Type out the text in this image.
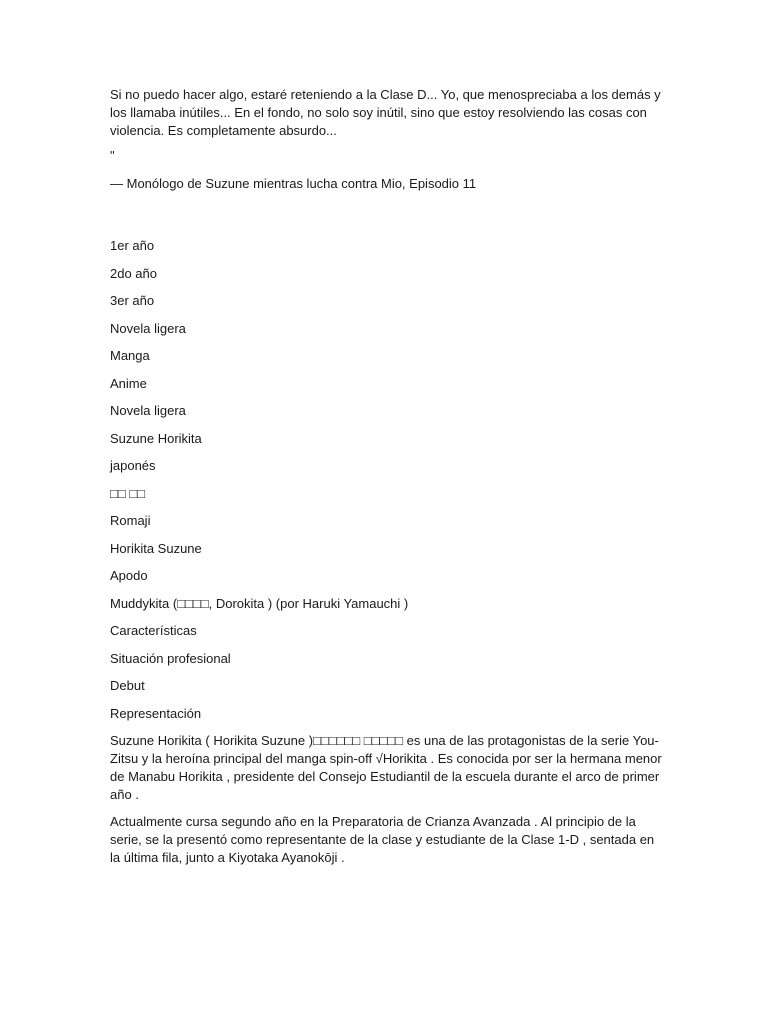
Si no puedo hacer algo, estaré reteniendo a la Clase D... Yo, que menospreciaba a los demás y los llamaba inútiles... En el fondo, no solo soy inútil, sino que estoy resolviendo las cosas con violencia. Es completamente absurdo...

"

— Monólogo de Suzune mientras lucha contra Mio, Episodio 11

1er año

2do año

3er año

Novela ligera

Manga

Anime

Novela ligera

Suzune Horikita

japonés

□□ □□

Romaji

Horikita Suzune

Apodo

Muddykita (□□□□, Dorokita ) (por Haruki Yamauchi )

Características

Situación profesional

Debut

Representación

Suzune Horikita ( Horikita Suzune )□□□□□□ □□□□□ es una de las protagonistas de la serie You-Zitsu y la heroína principal del manga spin-off √Horikita . Es conocida por ser la hermana menor de Manabu Horikita , presidente del Consejo Estudiantil de la escuela durante el arco de primer año .

Actualmente cursa segundo año en la Preparatoria de Crianza Avanzada . Al principio de la serie, se la presentó como representante de la clase y estudiante de la Clase 1-D , sentada en la última fila, junto a Kiyotaka Ayanokōji .
